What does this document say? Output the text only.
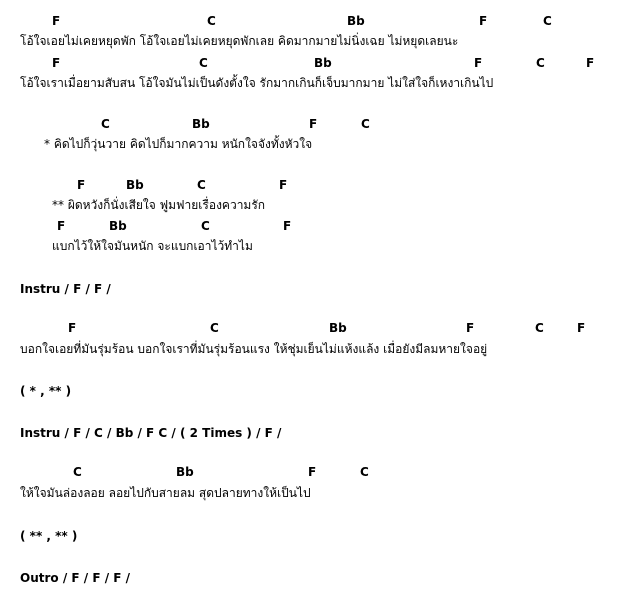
F	C	Bb	F	C
โอ้ใจเอยไม่เคยหยุดพัก โอ้ใจเอยไม่เคยหยุดพักเลย คิดมากมายไม่นิ่งเฉย ไม่หยุดเลยนะ
F	C	Bb	F	C	F
โอ้ใจเราเมื่อยามสับสน โอ้ใจมันไม่เป็นดังตั้งใจ รักมากเกินก็เจ็บมากมาย ไม่ใส่ใจก็เหงาเกินไป
C	Bb	F	C
* คิดไปก็วุ่นวาย คิดไปก็มากความ หนักใจจังทั้งหัวใจ
F	Bb	C	F
** ผิดหวังก็นั่งเสียใจ ฟูมฟายเรื่องความรัก
F	Bb	C	F
แบกไว้ให้ใจมันหนัก จะแบกเอาไว้ทำไม
Instru / F / F /
F	C	Bb	F	C	F
บอกใจเอยที่มันรุ่มร้อน บอกใจเราที่มันรุ่มร้อนแรง ให้ชุ่มเย็นไม่แห้งแล้ง เมื่อยังมีลมหายใจอยู่
( * , ** )
Instru / F / C / Bb / F C / ( 2 Times ) / F /
C	Bb	F	C
ให้ใจมันล่องลอย ลอยไปกับสายลม สุดปลายทางให้เป็นไป
( ** , ** )
Outro / F / F / F /
